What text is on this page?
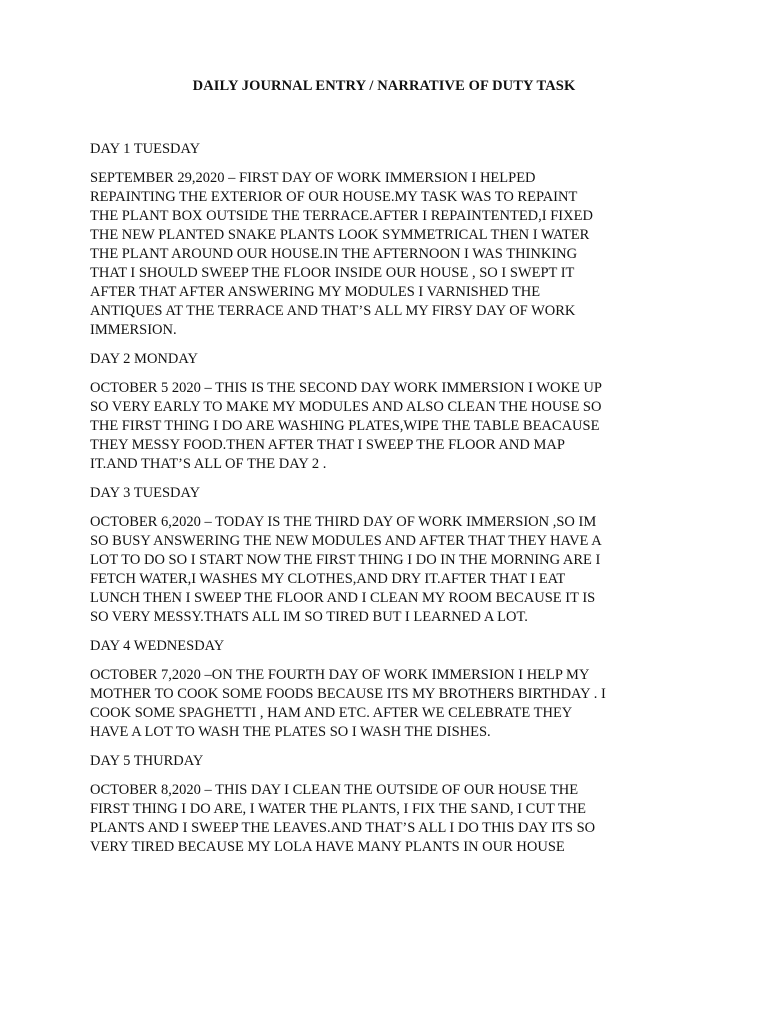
DAILY JOURNAL ENTRY / NARRATIVE OF DUTY TASK

DAY 1 TUESDAY

SEPTEMBER 29,2020 – FIRST DAY OF WORK IMMERSION I HELPED
REPAINTING THE EXTERIOR OF OUR HOUSE.MY TASK WAS TO REPAINT
THE PLANT BOX OUTSIDE THE TERRACE.AFTER I REPAINTENTED,I FIXED
THE NEW PLANTED SNAKE PLANTS LOOK SYMMETRICAL THEN I WATER
THE PLANT AROUND OUR HOUSE.IN THE AFTERNOON I WAS THINKING
THAT I SHOULD SWEEP THE FLOOR INSIDE OUR HOUSE , SO I SWEPT IT
AFTER THAT AFTER ANSWERING MY MODULES I VARNISHED THE
ANTIQUES AT THE TERRACE AND THAT’S ALL MY FIRSY DAY OF WORK
IMMERSION.

DAY 2 MONDAY

OCTOBER 5 2020 – THIS IS THE SECOND DAY WORK IMMERSION I WOKE UP
SO VERY EARLY TO MAKE MY MODULES AND ALSO CLEAN THE HOUSE SO
THE FIRST THING I DO ARE WASHING PLATES,WIPE THE TABLE BEACAUSE
THEY MESSY FOOD.THEN AFTER THAT I SWEEP THE FLOOR AND MAP
IT.AND THAT’S ALL OF THE DAY 2 .

DAY 3 TUESDAY

OCTOBER 6,2020 – TODAY IS THE THIRD DAY OF WORK IMMERSION ,SO IM
SO BUSY ANSWERING THE NEW MODULES AND AFTER THAT THEY HAVE A
LOT TO DO SO I START NOW THE FIRST THING I DO IN THE MORNING ARE I
FETCH WATER,I WASHES MY CLOTHES,AND DRY IT.AFTER THAT I EAT
LUNCH THEN I SWEEP THE FLOOR AND I CLEAN MY ROOM BECAUSE IT IS
SO VERY MESSY.THATS ALL IM SO TIRED BUT I LEARNED A LOT.

DAY 4 WEDNESDAY

OCTOBER 7,2020 –ON THE FOURTH DAY OF WORK IMMERSION I HELP MY
MOTHER TO COOK SOME FOODS BECAUSE ITS MY BROTHERS BIRTHDAY . I
COOK SOME SPAGHETTI , HAM AND ETC. AFTER WE CELEBRATE THEY
HAVE A LOT TO WASH THE PLATES SO I WASH THE DISHES.

DAY 5 THURDAY

OCTOBER 8,2020 – THIS DAY I CLEAN THE OUTSIDE OF OUR HOUSE THE
FIRST THING I DO ARE, I WATER THE PLANTS, I FIX THE SAND, I CUT THE
PLANTS AND I SWEEP THE LEAVES.AND THAT’S ALL I DO THIS DAY ITS SO
VERY TIRED BECAUSE MY LOLA HAVE MANY PLANTS IN OUR HOUSE
